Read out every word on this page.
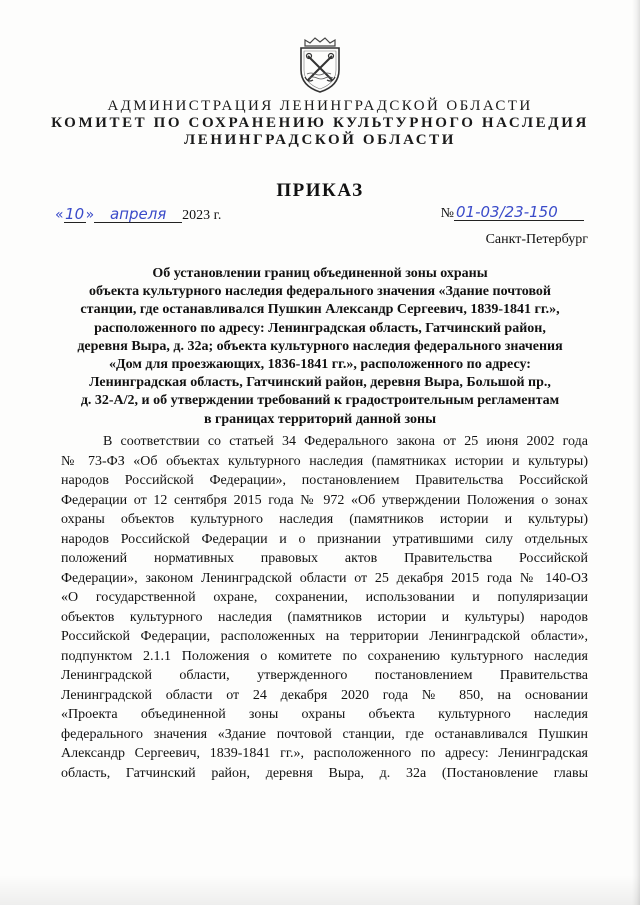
АДМИНИСТРАЦИЯ ЛЕНИНГРАДСКОЙ ОБЛАСТИ
КОМИТЕТ ПО СОХРАНЕНИЮ КУЛЬТУРНОГО НАСЛЕДИЯ
ЛЕНИНГРАДСКОЙ ОБЛАСТИ
ПРИКАЗ
«10» апреля 2023 г.	№ 01-03/23-150
Санкт-Петербург
Об установлении границ объединенной зоны охраны
объекта культурного наследия федерального значения «Здание почтовой
станции, где останавливался Пушкин Александр Сергеевич, 1839-1841 гг.»,
расположенного по адресу: Ленинградская область, Гатчинский район,
деревня Выра, д. 32а; объекта культурного наследия федерального значения
«Дом для проезжающих, 1836-1841 гг.», расположенного по адресу:
Ленинградская область, Гатчинский район, деревня Выра, Большой пр.,
д. 32-А/2, и об утверждении требований к градостроительным регламентам
в границах территорий данной зоны
В соответствии со статьей 34 Федерального закона от 25 июня 2002 года
№ 73-ФЗ «Об объектах культурного наследия (памятниках истории и культуры)
народов Российской Федерации», постановлением Правительства Российской
Федерации от 12 сентября 2015 года № 972 «Об утверждении Положения о зонах
охраны объектов культурного наследия (памятников истории и культуры)
народов Российской Федерации и о признании утратившими силу отдельных
положений нормативных правовых актов Правительства Российской
Федерации», законом Ленинградской области от 25 декабря 2015 года № 140-ОЗ
«О государственной охране, сохранении, использовании и популяризации
объектов культурного наследия (памятников истории и культуры) народов
Российской Федерации, расположенных на территории Ленинградской области»,
подпунктом 2.1.1 Положения о комитете по сохранению культурного наследия
Ленинградской области, утвержденного постановлением Правительства
Ленинградской области от 24 декабря 2020 года № 850, на основании
«Проекта объединенной зоны охраны объекта культурного наследия
федерального значения «Здание почтовой станции, где останавливался Пушкин
Александр Сергеевич, 1839-1841 гг.», расположенного по адресу: Ленинградская
область, Гатчинский район, деревня Выра, д. 32а (Постановление главы
